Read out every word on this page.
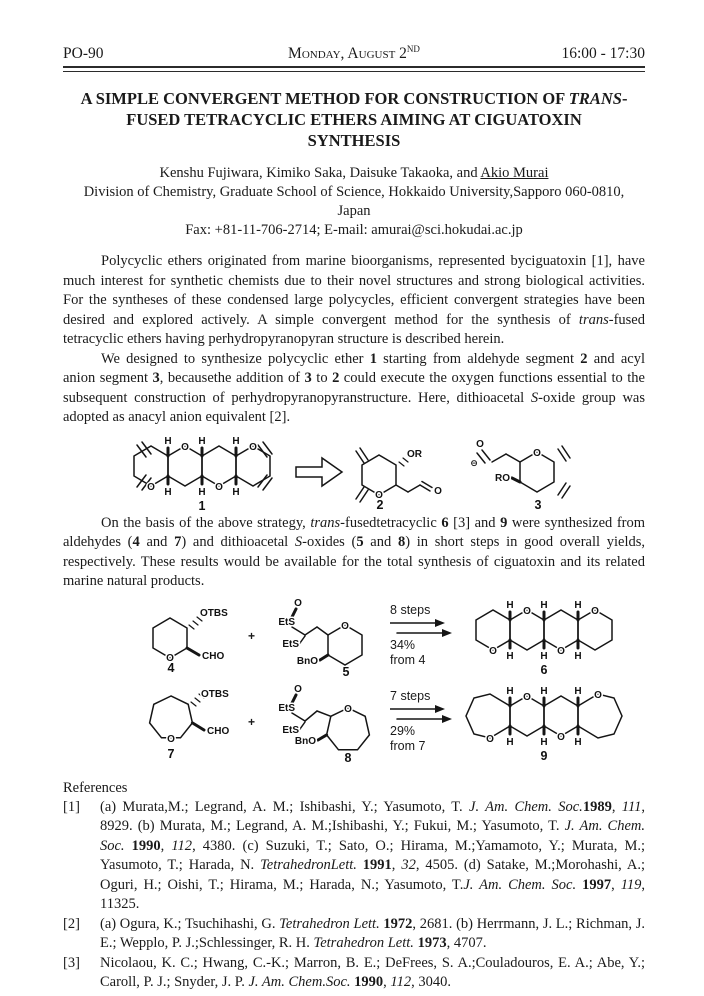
PO-90	Monday, August 2ND	16:00 - 17:30
A SIMPLE CONVERGENT METHOD FOR CONSTRUCTION OF TRANS-
FUSED TETRACYCLIC ETHERS AIMING AT CIGUATOXIN
SYNTHESIS
Kenshu Fujiwara, Kimiko Saka, Daisuke Takaoka, and Akio Murai
Division of Chemistry, Graduate School of Science, Hokkaido University,Sapporo 060-0810,
Japan
Fax: +81-11-706-2714; E-mail: amurai@sci.hokudai.ac.jp

Polycyclic ethers originated from marine bioorganisms, represented byciguatoxin [1], have much interest for synthetic chemists due to their novel structures and strong biological activities. For the syntheses of these condensed large polycycles, efficient convergent strategies have been desired and explored actively. A simple convergent method for the synthesis of trans-fused tetracyclic ethers having perhydropyranopyran structure is described herein.

We designed to synthesize polycyclic ether 1 starting from aldehyde segment 2 and acyl anion segment 3, becausethe addition of 3 to 2 could execute the oxygen functions essential to the subsequent construction of perhydropyranopyranstructure. Here, dithioacetal S-oxide group was adopted as anacyl anion equivalent [2].

H	H	H
O	O
O	O
H	H	H
1
O
OR
O
2
O
⊖
O
RO
3

On the basis of the above strategy, trans-fusedtetracyclic 6 [3] and 9 were synthesized from aldehydes (4 and 7) and dithioacetal S-oxides (5 and 8) in short steps in good overall yields, respectively. These results would be available for the total synthesis of ciguatoxin and its related marine natural products.

O
OTBS
CHO
4
+
O
EtS
EtS
O
BnO
5
8 steps
34%
from 4
H	H	H
O	O
O	O
H	H	H
6
O
OTBS
CHO
7
+
O
EtS
EtS
O
BnO
8
7 steps
29%
from 7
H	H	H
O	O
O	O
H	H	H
9
References
[1]	(a) Murata,M.; Legrand, A. M.; Ishibashi, Y.; Yasumoto, T. J. Am. Chem. Soc.1989, 111, 8929. (b) Murata, M.; Legrand, A. M.;Ishibashi, Y.; Fukui, M.; Yasumoto, T. J. Am. Chem. Soc. 1990, 112, 4380. (c) Suzuki, T.; Sato, O.; Hirama, M.;Yamamoto, Y.; Murata, M.; Yasumoto, T.; Harada, N. TetrahedronLett. 1991, 32, 4505. (d) Satake, M.;Morohashi, A.; Oguri, H.; Oishi, T.; Hirama, M.; Harada, N.; Yasumoto, T.J. Am. Chem. Soc. 1997, 119, 11325.
[2]	(a) Ogura, K.; Tsuchihashi, G. Tetrahedron Lett. 1972, 2681. (b) Herrmann, J. L.; Richman, J. E.; Wepplo, P. J.;Schlessinger, R. H. Tetrahedron Lett. 1973, 4707.
[3]	Nicolaou, K. C.; Hwang, C.-K.; Marron, B. E.; DeFrees, S. A.;Couladouros, E. A.; Abe, Y.; Caroll, P. J.; Snyder, J. P. J. Am. Chem.Soc. 1990, 112, 3040.
